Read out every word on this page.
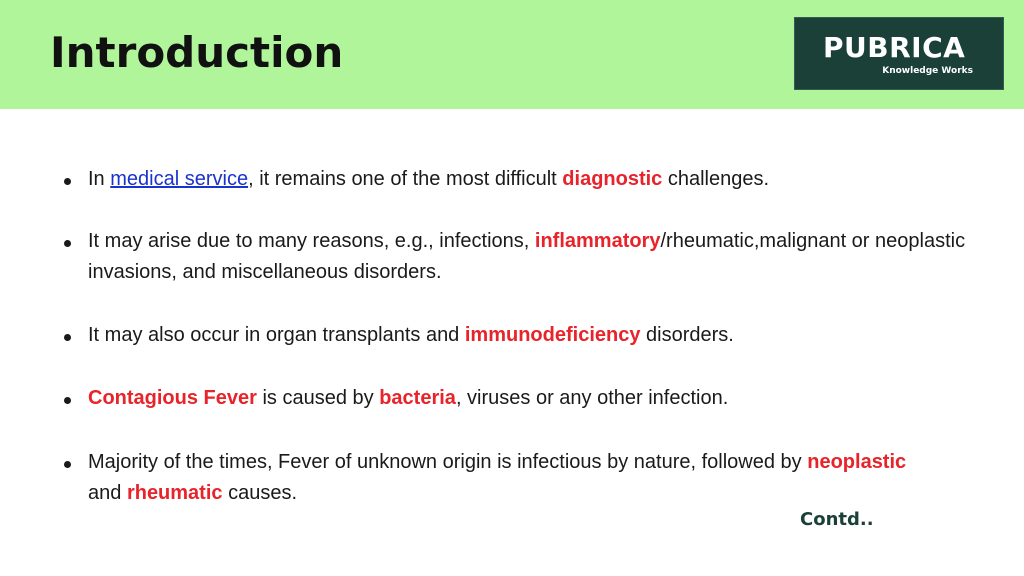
Introduction	PUBRICA
Knowledge Works
In medical service, it remains one of the most difficult diagnostic challenges.
It may arise due to many reasons, e.g., infections, inflammatory/rheumatic,malignant or neoplastic invasions, and miscellaneous disorders.
It may also occur in organ transplants and immunodeficiency disorders.
Contagious Fever is caused by bacteria, viruses or any other infection.
Majority of the times, Fever of unknown origin is infectious by nature, followed by neoplastic and rheumatic causes.
Contd..
